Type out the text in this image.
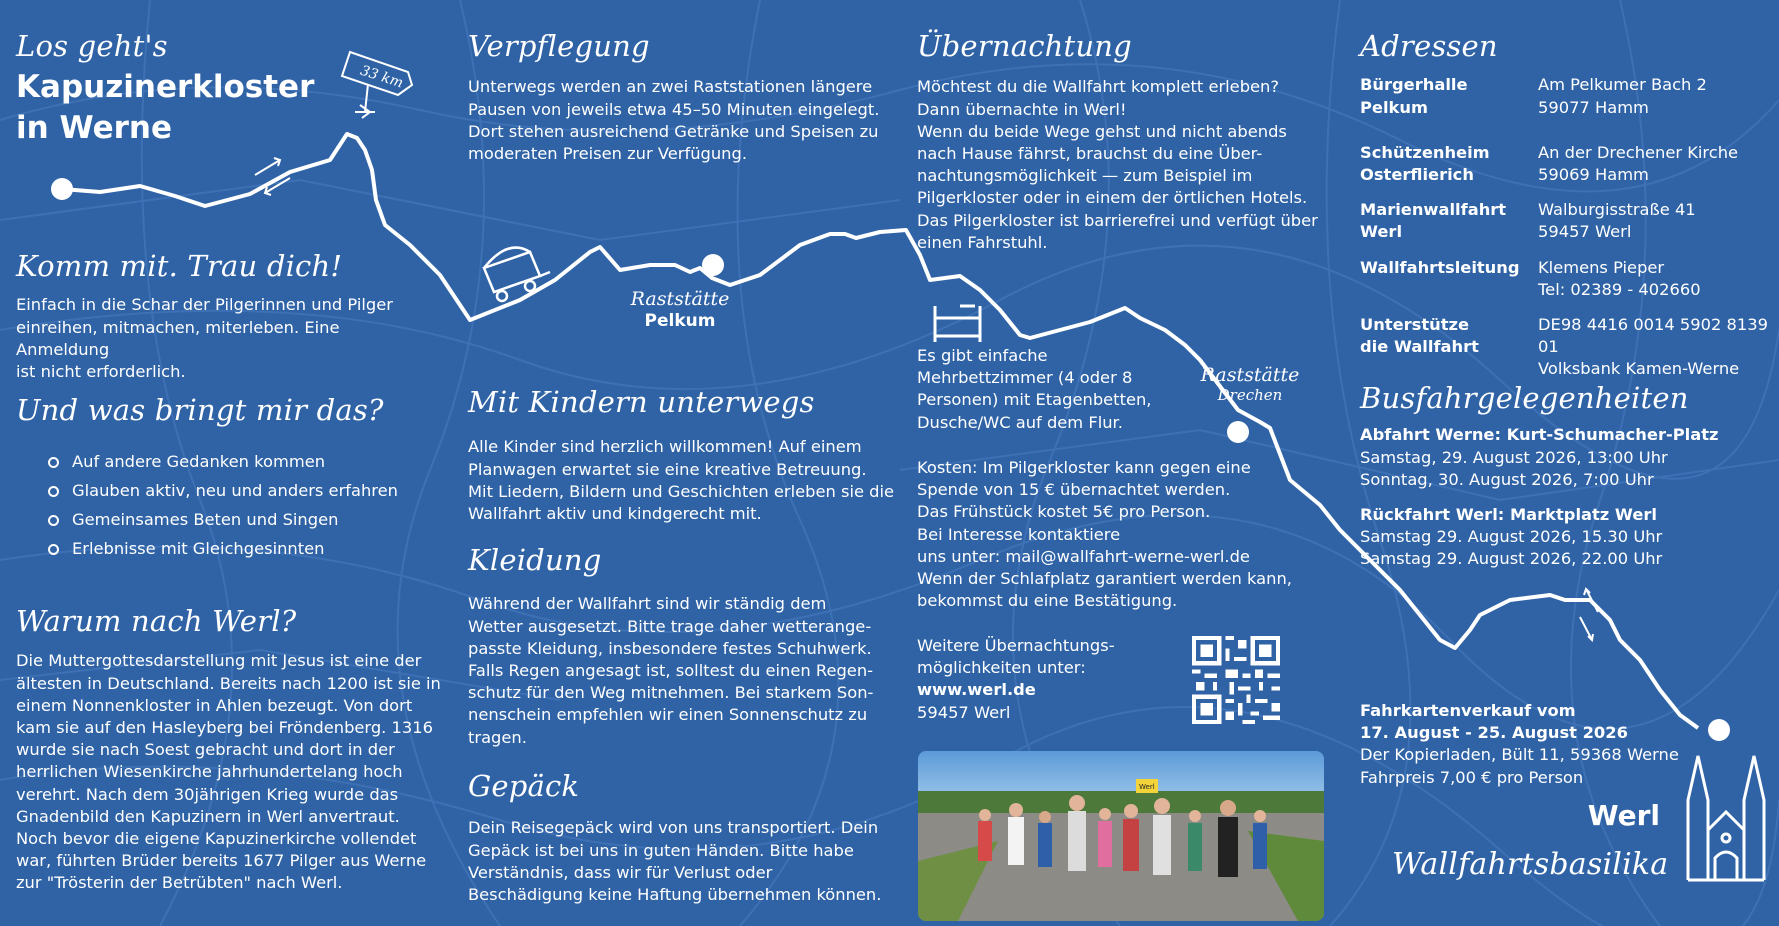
33 km
Los geht's
Kapuzinerkloster
in Werne
Komm mit. Trau dich!

Einfach in die Schar der Pilgerinnen und Pilger

einreihen, mitmachen, miterleben. Eine Anmeldung

ist nicht erforderlich.

Und was bringt mir das?
Auf andere Gedanken kommen
Glauben aktiv, neu und anders erfahren
Gemeinsames Beten und Singen
Erlebnisse mit Gleichgesinnten
Warum nach Werl?

Die Muttergottesdarstellung mit Jesus ist eine der

ältesten in Deutschland. Bereits nach 1200 ist sie in

einem Nonnenkloster in Ahlen bezeugt. Von dort

kam sie auf den Hasleyberg bei Fröndenberg. 1316

wurde sie nach Soest gebracht und dort in der

herrlichen Wiesenkirche jahrhundertelang hoch

verehrt. Nach dem 30jährigen Krieg wurde das

Gnadenbild den Kapuzinern in Werl anvertraut.

Noch bevor die eigene Kapuzinerkirche vollendet

war, führten Brüder bereits 1677 Pilger aus Werne

zur "Trösterin der Betrübten" nach Werl.

Verpflegung

Unterwegs werden an zwei Raststationen längere

Pausen von jeweils etwa 45–50 Minuten eingelegt.

Dort stehen ausreichend Getränke und Speisen zu

moderaten Preisen zur Verfügung.

Raststätte
Pelkum
Mit Kindern unterwegs

Alle Kinder sind herzlich willkommen! Auf einem

Planwagen erwartet sie eine kreative Betreuung.

Mit Liedern, Bildern und Geschichten erleben sie die

Wallfahrt aktiv und kindgerecht mit.

Kleidung

Während der Wallfahrt sind wir ständig dem

Wetter ausgesetzt. Bitte trage daher wetterange-

passte Kleidung, insbesondere festes Schuhwerk.

Falls Regen angesagt ist, solltest du einen Regen-

schutz für den Weg mitnehmen. Bei starkem Son-

nenschein empfehlen wir einen Sonnenschutz zu

tragen.

Gepäck

Dein Reisegepäck wird von uns transportiert. Dein

Gepäck ist bei uns in guten Händen. Bitte habe

Verständnis, dass wir für Verlust oder

Beschädigung keine Haftung übernehmen können.

Übernachtung

Möchtest du die Wallfahrt komplett erleben?

Dann übernachte in Werl!

Wenn du beide Wege gehst und nicht abends

nach Hause fährst, brauchst du eine Über-

nachtungsmöglichkeit — zum Beispiel im

Pilgerkloster oder in einem der örtlichen Hotels.

Das Pilgerkloster ist barrierefrei und verfügt über

einen Fahrstuhl.

Es gibt einfache

Mehrbettzimmer (4 oder 8

Personen) mit Etagenbetten,

Dusche/WC auf dem Flur.

Raststätte
Drechen

Kosten: Im Pilgerkloster kann gegen eine

Spende von 15 € übernachtet werden.

Das Frühstück kostet 5€ pro Person.

Bei Interesse kontaktiere

uns unter: mail@wallfahrt-werne-werl.de

Wenn der Schlafplatz garantiert werden kann,

bekommst du eine Bestätigung.

Weitere Übernachtungs-

möglichkeiten unter:

www.werl.de

59457 Werl

Werl
Adressen
Bürgerhalle
Pelkum
Am Pelkumer Bach 2
59077 Hamm
Schützenheim
Osterflierich
An der Drechener Kirche
59069 Hamm
Marienwallfahrt
Werl
Walburgisstraße 41
59457 Werl
Wallfahrtsleitung	Klemens Pieper
Tel: 02389 - 402660
Unterstütze
die Wallfahrt
DE98 4416 0014 5902 8139 01
Volksbank Kamen-Werne
Busfahrgelegenheiten

Abfahrt Werne: Kurt-Schumacher-Platz

Samstag, 29. August 2026, 13:00 Uhr

Sonntag, 30. August 2026, 7:00 Uhr

Rückfahrt Werl: Marktplatz Werl

Samstag 29. August 2026, 15.30 Uhr

Samstag 29. August 2026, 22.00 Uhr

Fahrkartenverkauf vom

17. August - 25. August 2026

Der Kopierladen, Bült 11, 59368 Werne

Fahrpreis 7,00 € pro Person

Werl
Wallfahrtsbasilika
